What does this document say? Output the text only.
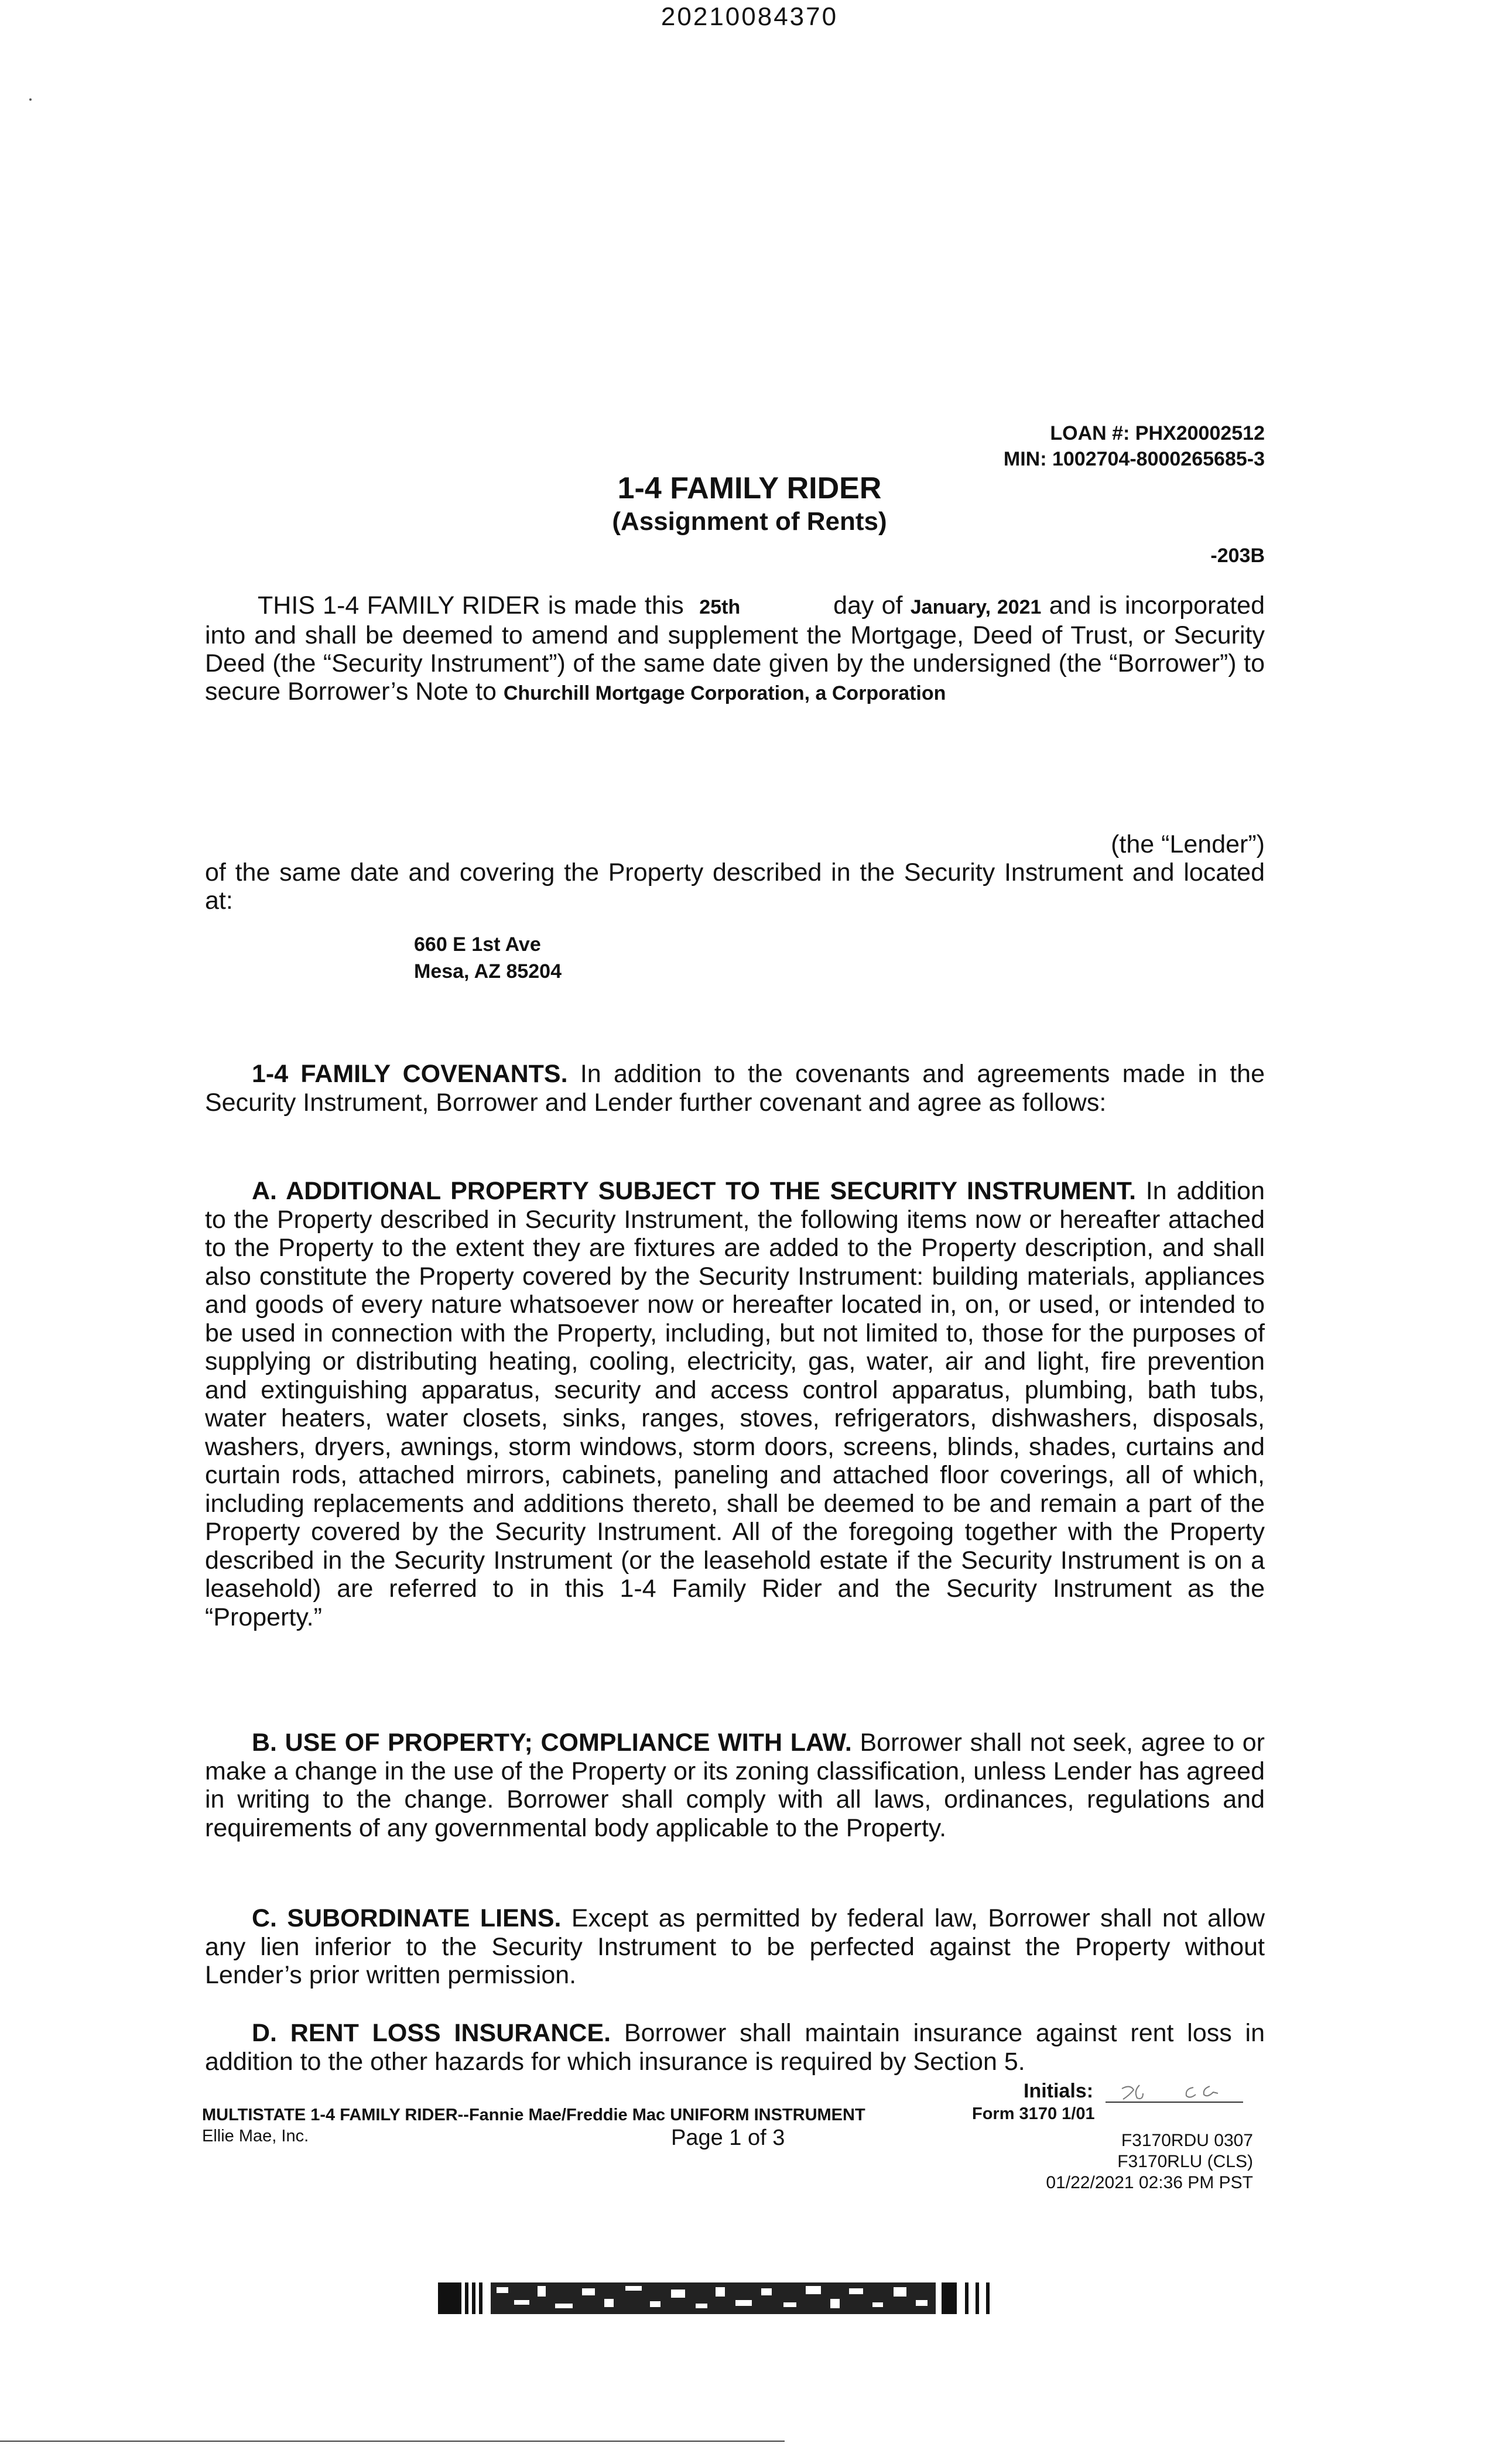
20210084370
LOAN #: PHX20002512
MIN: 1002704-8000265685-3
1-4 FAMILY RIDER
(Assignment of Rents)
-203B
THIS 1-4 FAMILY RIDER is made this 25th	day of January, 2021 and is incorporated into and shall be deemed to amend and supplement the Mortgage, Deed of Trust, or Security Deed (the “Security Instrument”) of the same date given by the undersigned (the “Borrower”) to secure Borrower’s Note to Churchill Mortgage Corporation, a Corporation
(the “Lender”)
of the same date and covering the Property described in the Security Instrument and located at:
660 E 1st Ave
Mesa, AZ 85204
1-4 FAMILY COVENANTS. In addition to the covenants and agreements made in the Security Instrument, Borrower and Lender further covenant and agree as follows:
A. ADDITIONAL PROPERTY SUBJECT TO THE SECURITY INSTRUMENT. In addition to the Property described in Security Instrument, the following items now or hereafter attached to the Property to the extent they are fixtures are added to the Property description, and shall also constitute the Property covered by the Security Instrument: building materials, appliances and goods of every nature whatsoever now or hereafter located in, on, or used, or intended to be used in connection with the Property, including, but not limited to, those for the purposes of supplying or distributing heating, cooling, electricity, gas, water, air and light, fire prevention and extinguishing apparatus, security and access control apparatus, plumbing, bath tubs, water heaters, water closets, sinks, ranges, stoves, refrigerators, dishwashers, disposals, washers, dryers, awnings, storm windows, storm doors, screens, blinds, shades, curtains and curtain rods, attached mirrors, cabinets, paneling and attached floor coverings, all of which, including replacements and additions thereto, shall be deemed to be and remain a part of the Property covered by the Security Instrument. All of the foregoing together with the Property described in the Security Instrument (or the leasehold estate if the Security Instrument is on a leasehold) are referred to in this 1-4 Family Rider and the Security Instrument as the “Property.”
B. USE OF PROPERTY; COMPLIANCE WITH LAW. Borrower shall not seek, agree to or make a change in the use of the Property or its zoning classification, unless Lender has agreed in writing to the change. Borrower shall comply with all laws, ordinances, regulations and requirements of any governmental body applicable to the Property.
C. SUBORDINATE LIENS. Except as permitted by federal law, Borrower shall not allow any lien inferior to the Security Instrument to be perfected against the Property without Lender’s prior written permission.
D. RENT LOSS INSURANCE. Borrower shall maintain insurance against rent loss in addition to the other hazards for which insurance is required by Section 5.
Initials:
MULTISTATE 1-4 FAMILY RIDER--Fannie Mae/Freddie Mac UNIFORM INSTRUMENT
Ellie Mae, Inc.
Form 3170 1/01
Page 1 of 3	F3170RDU 0307
F3170RLU (CLS)
01/22/2021 02:36 PM PST
